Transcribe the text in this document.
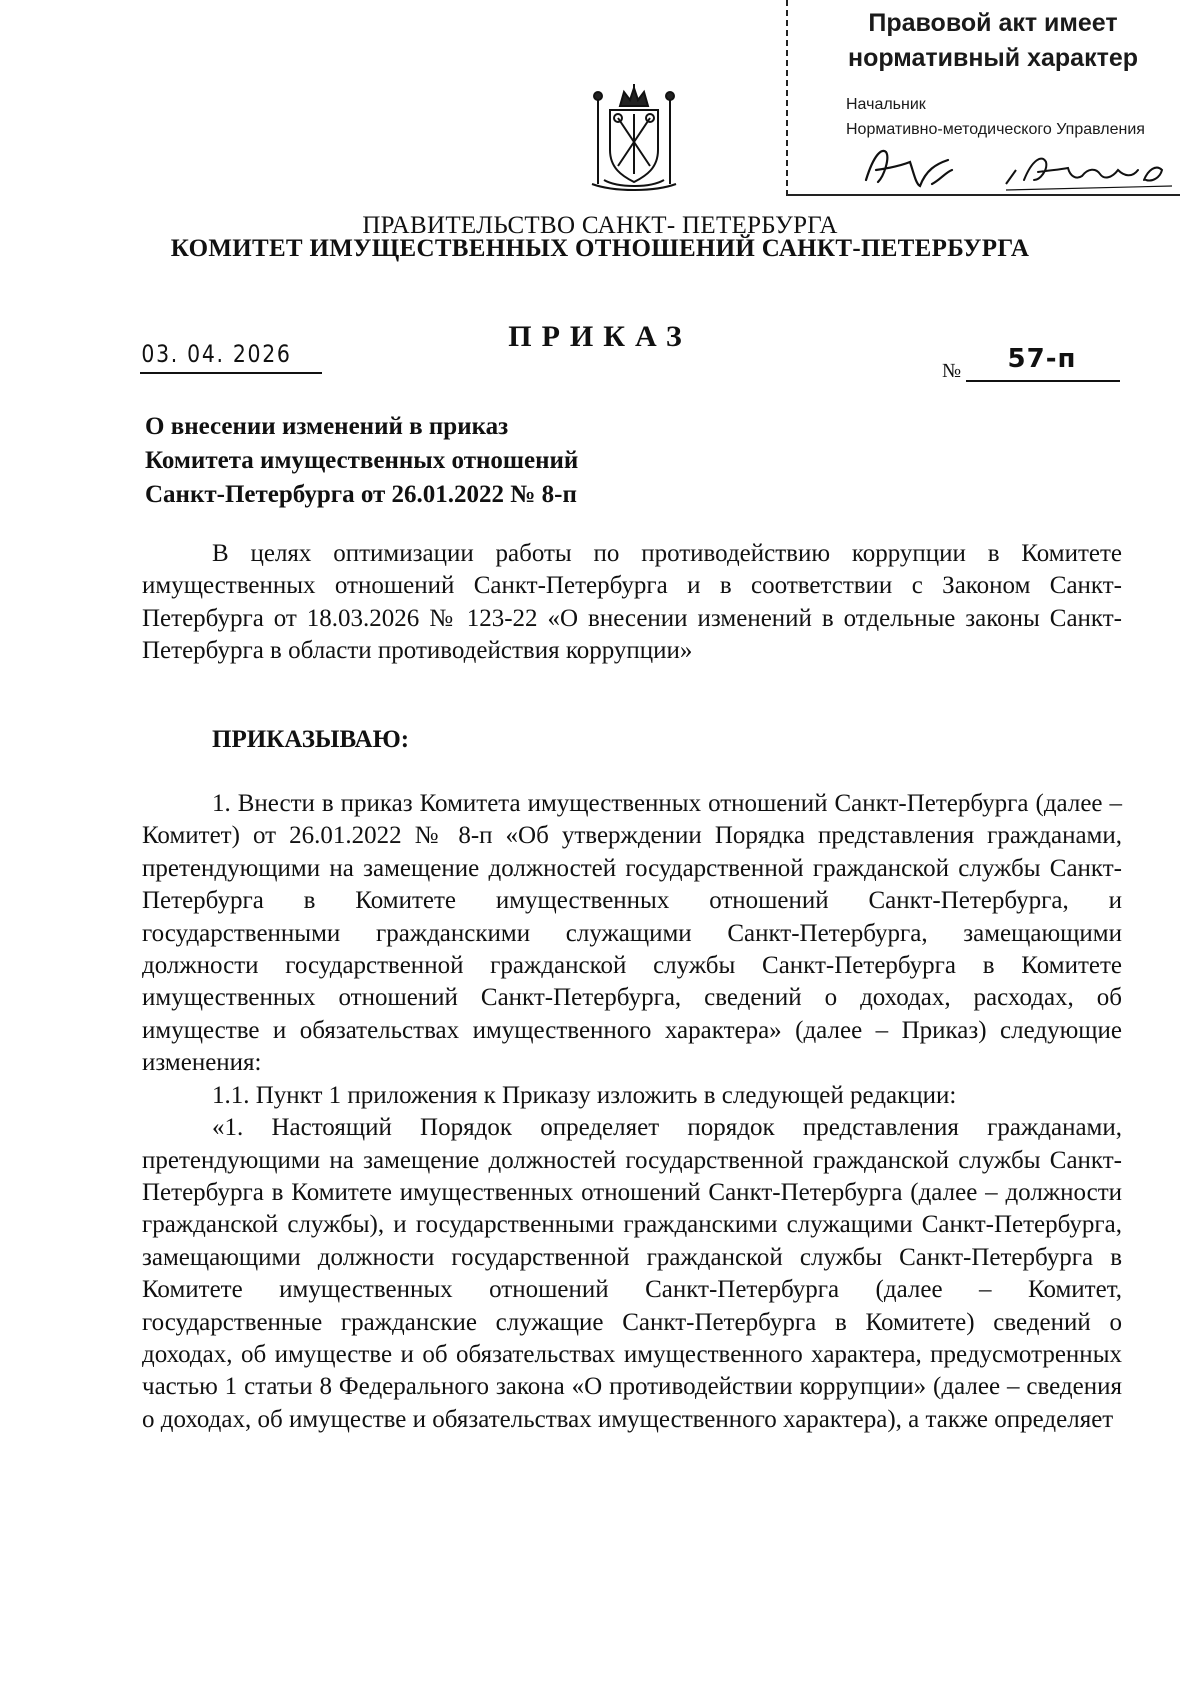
Правовой акт имеет
нормативный характер
Начальник
Нормативно-методического Управления
ПРАВИТЕЛЬСТВО САНКТ- ПЕТЕРБУРГА
КОМИТЕТ ИМУЩЕСТВЕННЫХ ОТНОШЕНИЙ САНКТ-ПЕТЕРБУРГА
ПРИКАЗ
03. 04. 2026
№	57-п
О внесении изменений в приказ
Комитета имущественных отношений
Санкт-Петербурга от 26.01.2022 № 8-п

В целях оптимизации работы по противодействию коррупции в Комитете имущественных отношений Санкт-Петербурга и в соответствии с Законом Санкт-Петербурга от 18.03.2026 № 123-22 «О внесении изменений в отдельные законы Санкт-Петербурга в области противодействия коррупции»

ПРИКАЗЫВАЮ:

1. Внести в приказ Комитета имущественных отношений Санкт-Петербурга (далее – Комитет) от 26.01.2022 № 8-п «Об утверждении Порядка представления гражданами, претендующими на замещение должностей государственной гражданской службы Санкт-Петербурга в Комитете имущественных отношений Санкт-Петербурга, и государственными гражданскими служащими Санкт-Петербурга, замещающими должности государственной гражданской службы Санкт-Петербурга в Комитете имущественных отношений Санкт-Петербурга, сведений о доходах, расходах, об имуществе и обязательствах имущественного характера» (далее – Приказ) следующие изменения:

1.1. Пункт 1 приложения к Приказу изложить в следующей редакции:

«1. Настоящий Порядок определяет порядок представления гражданами, претендующими на замещение должностей государственной гражданской службы Санкт-Петербурга в Комитете имущественных отношений Санкт-Петербурга (далее – должности гражданской службы), и государственными гражданскими служащими Санкт-Петербурга, замещающими должности государственной гражданской службы Санкт-Петербурга в Комитете имущественных отношений Санкт-Петербурга (далее – Комитет, государственные гражданские служащие Санкт-Петербурга в Комитете) сведений о доходах, об имуществе и об обязательствах имущественного характера, предусмотренных частью 1 статьи 8 Федерального закона «О противодействии коррупции» (далее – сведения о доходах, об имуществе и обязательствах имущественного характера), а также определяет
